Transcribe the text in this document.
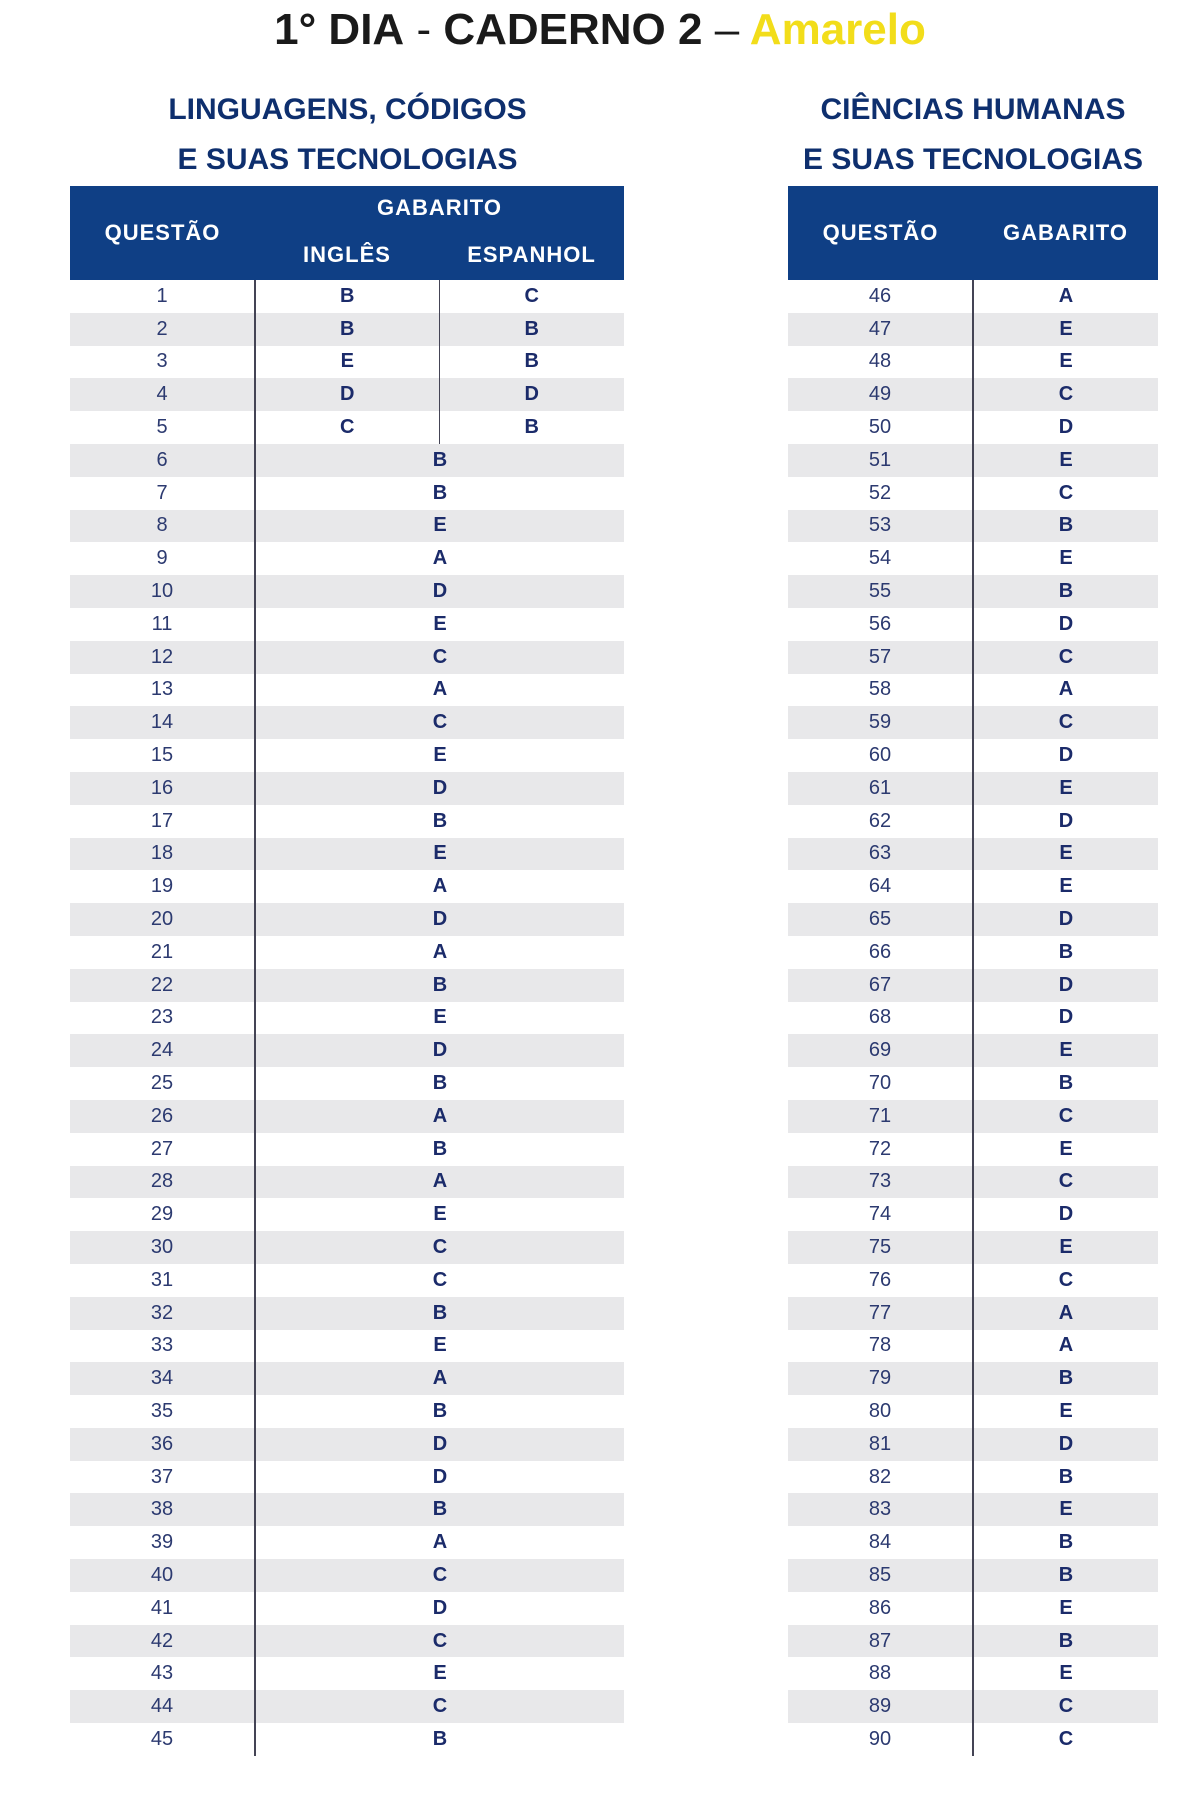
1° DIA - CADERNO 2 – Amarelo
LINGUAGENS, CÓDIGOS
E SUAS TECNOLOGIAS
CIÊNCIAS HUMANAS
E SUAS TECNOLOGIAS
QUESTÃO	GABARITO	
	INGLÊS	ESPANHOL
1	B	C
2	B	B
3	E	B
4	D	D
5	C	B
6	B	
7	B	
8	E	
9	A	
10	D	
11	E	
12	C	
13	A	
14	C	
15	E	
16	D	
17	B	
18	E	
19	A	
20	D	
21	A	
22	B	
23	E	
24	D	
25	B	
26	A	
27	B	
28	A	
29	E	
30	C	
31	C	
32	B	
33	E	
34	A	
35	B	
36	D	
37	D	
38	B	
39	A	
40	C	
41	D	
42	C	
43	E	
44	C	
45	B	
QUESTÃO	GABARITO
46	A
47	E
48	E
49	C
50	D
51	E
52	C
53	B
54	E
55	B
56	D
57	C
58	A
59	C
60	D
61	E
62	D
63	E
64	E
65	D
66	B
67	D
68	D
69	E
70	B
71	C
72	E
73	C
74	D
75	E
76	C
77	A
78	A
79	B
80	E
81	D
82	B
83	E
84	B
85	B
86	E
87	B
88	E
89	C
90	C
